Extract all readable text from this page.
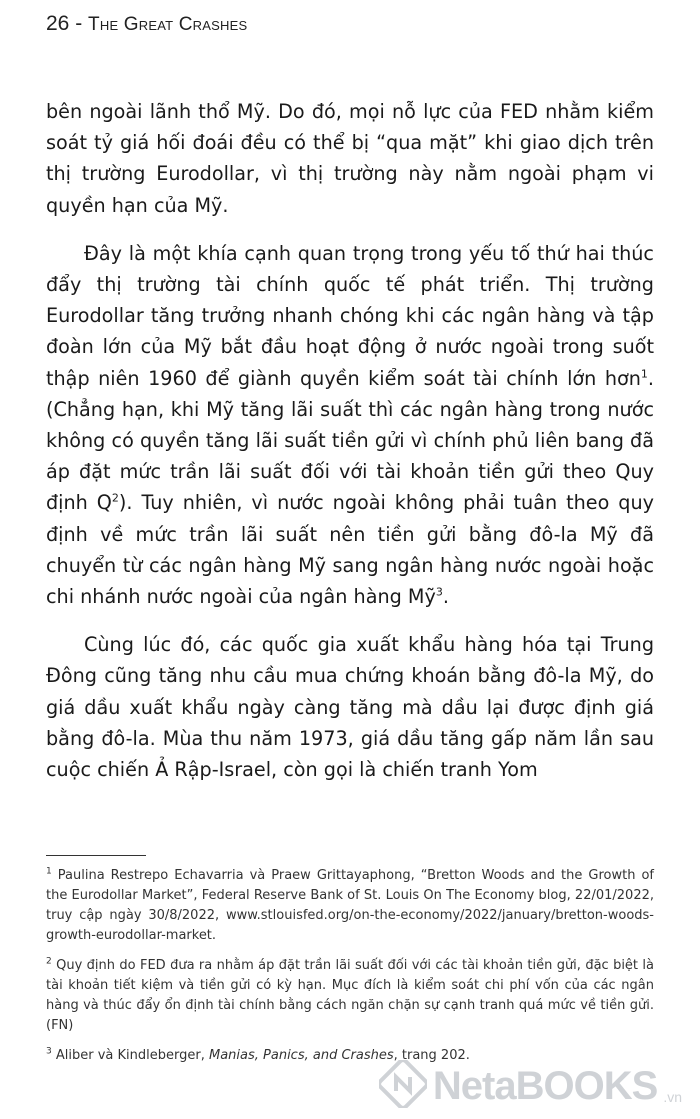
26 - The Great Crashes

bên ngoài lãnh thổ Mỹ. Do đó, mọi nỗ lực của FED nhằm kiểm soát tỷ giá hối đoái đều có thể bị “qua mặt” khi giao dịch trên thị trường Eurodollar, vì thị trường này nằm ngoài phạm vi quyền hạn của Mỹ.

Đây là một khía cạnh quan trọng trong yếu tố thứ hai thúc đẩy thị trường tài chính quốc tế phát triển. Thị trường Eurodollar tăng trưởng nhanh chóng khi các ngân hàng và tập đoàn lớn của Mỹ bắt đầu hoạt động ở nước ngoài trong suốt thập niên 1960 để giành quyền kiểm soát tài chính lớn hơn$^1$. (Chẳng hạn, khi Mỹ tăng lãi suất thì các ngân hàng trong nước không có quyền tăng lãi suất tiền gửi vì chính phủ liên bang đã áp đặt mức trần lãi suất đối với tài khoản tiền gửi theo Quy định $Q^2$). Tuy nhiên, vì nước ngoài không phải tuân theo quy định về mức trần lãi suất nên tiền gửi bằng đô-la Mỹ đã chuyển từ các ngân hàng Mỹ sang ngân hàng nước ngoài hoặc chi nhánh nước ngoài của ngân hàng Mỹ$^3$.

Cùng lúc đó, các quốc gia xuất khẩu hàng hóa tại Trung Đông cũng tăng nhu cầu mua chứng khoán bằng đô-la Mỹ, do giá dầu xuất khẩu ngày càng tăng mà dầu lại được định giá bằng đô-la. Mùa thu năm 1973, giá dầu tăng gấp năm lần sau cuộc chiến Ả Rập-Israel, còn gọi là chiến tranh Yom

$^1$ Paulina Restrepo Echavarria và Praew Grittayaphong, “Bretton Woods and the Growth of the Eurodollar Market”, Federal Reserve Bank of St. Louis On The Economy blog, 22/01/2022, truy cập ngày 30/8/2022, www.stlouisfed.org/on-the-economy/2022/january/bretton-woods-growth-eurodollar-market.

$^2$ Quy định do FED đưa ra nhằm áp đặt trần lãi suất đối với các tài khoản tiền gửi, đặc biệt là tài khoản tiết kiệm và tiền gửi có kỳ hạn. Mục đích là kiểm soát chi phí vốn của các ngân hàng và thúc đẩy ổn định tài chính bằng cách ngăn chặn sự cạnh tranh quá mức về tiền gửi. (FN)

$^3$ Aliber và Kindleberger, Manias, Panics, and Crashes, trang 202.

NetaBOOKS .vn
